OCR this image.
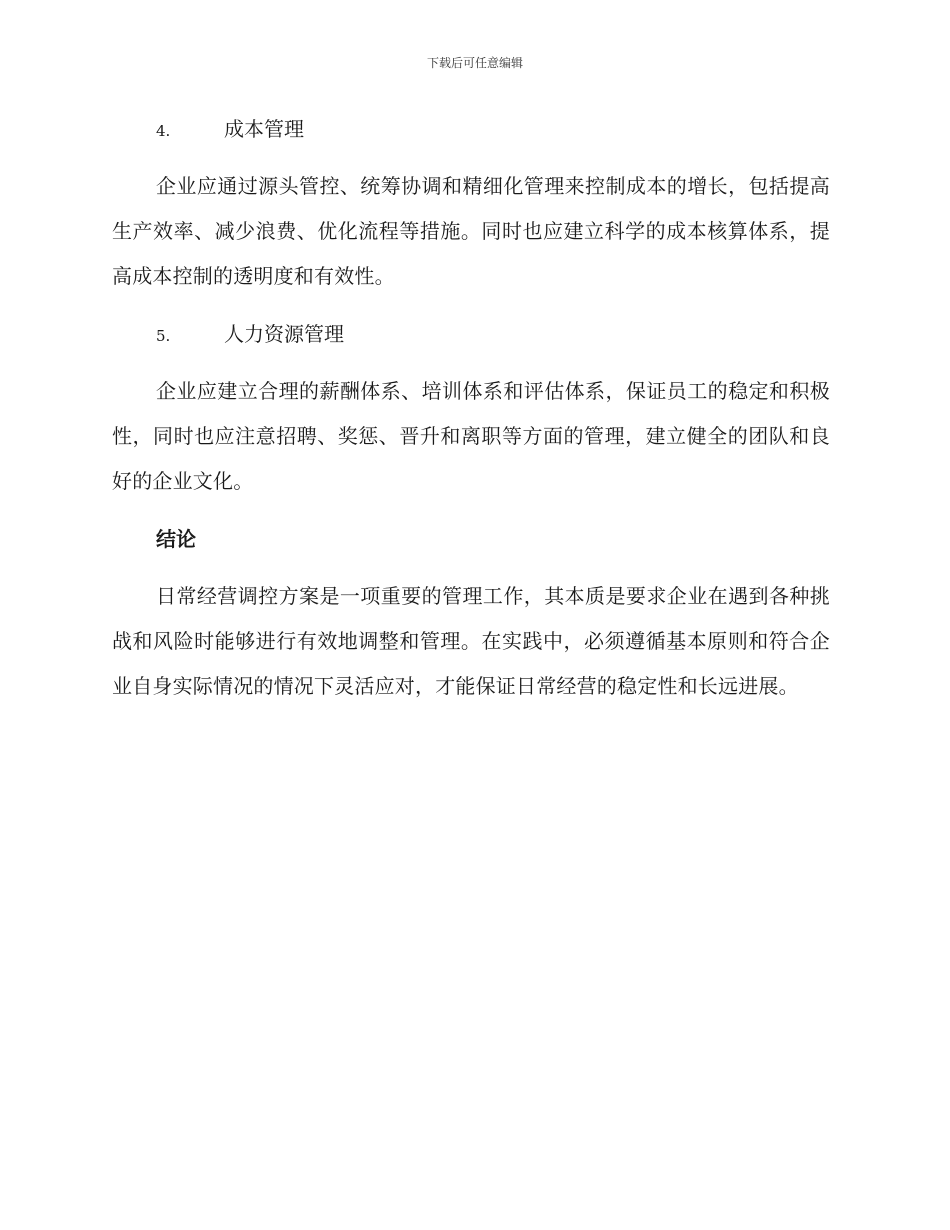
下载后可任意编辑
4.	成本管理

企业应通过源头管控、统筹协调和精细化管理来控制成本的增长，包括提高生产效率、减少浪费、优化流程等措施。同时也应建立科学的成本核算体系，提高成本控制的透明度和有效性。

5.	人力资源管理

企业应建立合理的薪酬体系、培训体系和评估体系，保证员工的稳定和积极性，同时也应注意招聘、奖惩、晋升和离职等方面的管理，建立健全的团队和良好的企业文化。

结论

日常经营调控方案是一项重要的管理工作，其本质是要求企业在遇到各种挑战和风险时能够进行有效地调整和管理。在实践中，必须遵循基本原则和符合企业自身实际情况的情况下灵活应对，才能保证日常经营的稳定性和长远进展。
